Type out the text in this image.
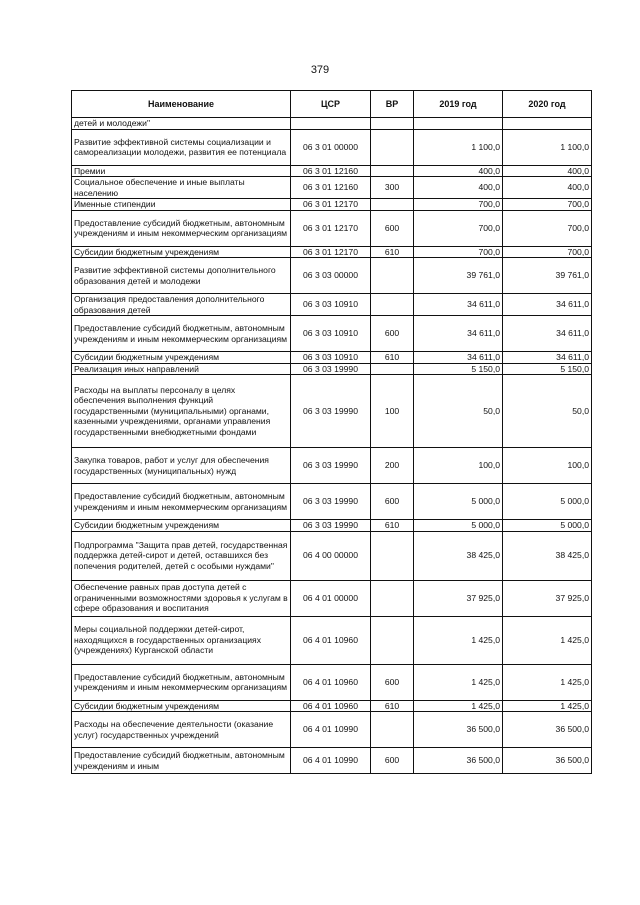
379
Наименование	ЦСР	ВР	2019 год	2020 год
детей и молодежи"				
Развитие эффективной системы социализации и самореализации молодежи, развития ее потенциала	06 3 01 00000		1 100,0	1 100,0
Премии	06 3 01 12160		400,0	400,0
Социальное обеспечение и иные выплаты населению	06 3 01 12160	300	400,0	400,0
Именные стипендии	06 3 01 12170		700,0	700,0
Предоставление субсидий бюджетным, автономным учреждениям и иным некоммерческим организациям	06 3 01 12170	600	700,0	700,0
Субсидии бюджетным учреждениям	06 3 01 12170	610	700,0	700,0
Развитие эффективной системы дополнительного образования детей и молодежи	06 3 03 00000		39 761,0	39 761,0
Организация предоставления дополнительного образования детей	06 3 03 10910		34 611,0	34 611,0
Предоставление субсидий бюджетным, автономным учреждениям и иным некоммерческим организациям	06 3 03 10910	600	34 611,0	34 611,0
Субсидии бюджетным учреждениям	06 3 03 10910	610	34 611,0	34 611,0
Реализация иных направлений	06 3 03 19990		5 150,0	5 150,0
Расходы на выплаты персоналу в целях обеспечения выполнения функций государственными (муниципальными) органами, казенными учреждениями, органами управления государственными внебюджетными фондами	06 3 03 19990	100	50,0	50,0
Закупка товаров, работ и услуг для обеспечения государственных (муниципальных) нужд	06 3 03 19990	200	100,0	100,0
Предоставление субсидий бюджетным, автономным учреждениям и иным некоммерческим организациям	06 3 03 19990	600	5 000,0	5 000,0
Субсидии бюджетным учреждениям	06 3 03 19990	610	5 000,0	5 000,0
Подпрограмма "Защита прав детей, государственная поддержка детей-сирот и детей, оставшихся без попечения родителей, детей с особыми нуждами"	06 4 00 00000		38 425,0	38 425,0
Обеспечение равных прав доступа детей с ограниченными возможностями здоровья к услугам в сфере образования и воспитания	06 4 01 00000		37 925,0	37 925,0
Меры социальной поддержки детей-сирот, находящихся в государственных организациях (учреждениях) Курганской области	06 4 01 10960		1 425,0	1 425,0
Предоставление субсидий бюджетным, автономным учреждениям и иным некоммерческим организациям	06 4 01 10960	600	1 425,0	1 425,0
Субсидии бюджетным учреждениям	06 4 01 10960	610	1 425,0	1 425,0
Расходы на обеспечение деятельности (оказание услуг) государственных учреждений	06 4 01 10990		36 500,0	36 500,0
Предоставление субсидий бюджетным, автономным учреждениям и иным	06 4 01 10990	600	36 500,0	36 500,0
